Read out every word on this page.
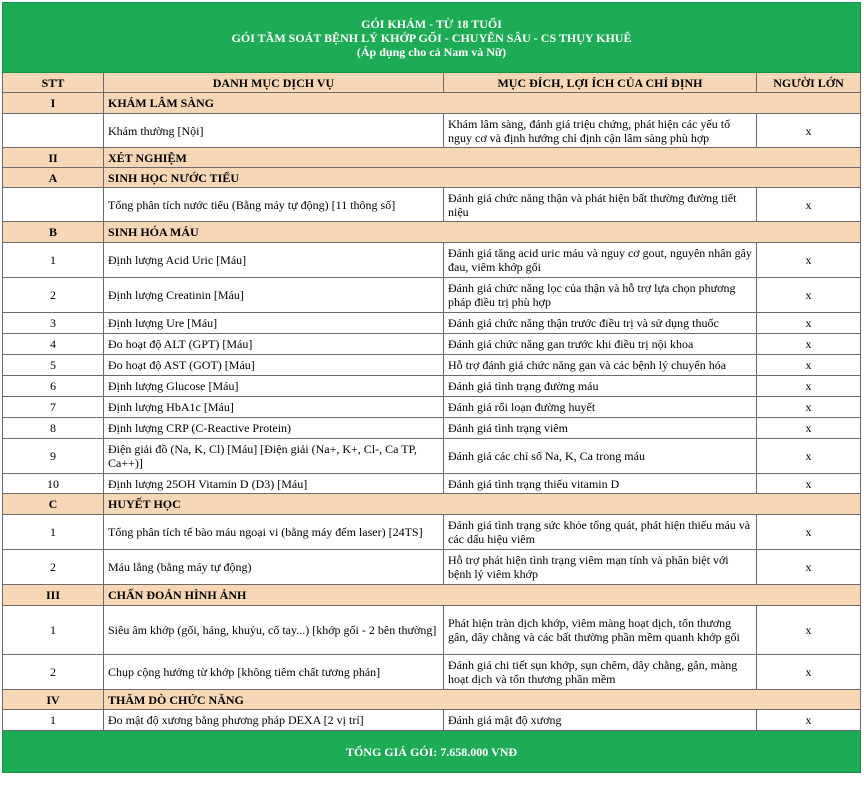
GÓI KHÁM - TỪ 18 TUỔI
GÓI TẦM SOÁT BỆNH LÝ KHỚP GỐI - CHUYÊN SÂU - CS THỤY KHUÊ
(Áp dụng cho cả Nam và Nữ)			

STT	DANH MỤC DỊCH VỤ	MỤC ĐÍCH, LỢI ÍCH CỦA CHỈ ĐỊNH	NGƯỜI LỚN
I	KHÁM LÂM SÀNG		
	Khám thường [Nội]	Khám lâm sàng, đánh giá triệu chứng, phát hiện các yếu tố nguy cơ và định hướng chỉ định cận lâm sàng phù hợp	x
II	XÉT NGHIỆM		
A	SINH HỌC NƯỚC TIỂU		
	Tổng phân tích nước tiểu (Bằng máy tự động) [11 thông số]	Đánh giá chức năng thận và phát hiện bất thường đường tiết niệu	x
B	SINH HÓA MÁU		
1	Định lượng Acid Uric [Máu]	Đánh giá tăng acid uric máu và nguy cơ gout, nguyên nhân gây đau, viêm khớp gối	x
2	Định lượng Creatinin [Máu]	Đánh giá chức năng lọc của thận và hỗ trợ lựa chọn phương pháp điều trị phù hợp	x
3	Định lượng Ure [Máu]	Đánh giá chức năng thận trước điều trị và sử dụng thuốc	x
4	Đo hoạt độ ALT (GPT) [Máu]	Đánh giá chức năng gan trước khi điều trị nội khoa	x
5	Đo hoạt độ AST (GOT) [Máu]	Hỗ trợ đánh giá chức năng gan và các bệnh lý chuyển hóa	x
6	Định lượng Glucose [Máu]	Đánh giá tình trạng đường máu	x
7	Định lượng HbA1c [Máu]	Đánh giá rối loạn đường huyết	x
8	Định lượng CRP (C-Reactive Protein)	Đánh giá tình trạng viêm	x
9	Điện giải đồ (Na, K, Cl) [Máu] [Điện giải (Na+, K+, Cl-, Ca TP, Ca++)]	Đánh giá các chỉ số Na, K, Ca trong máu	x
10	Định lượng 25OH Vitamin D (D3) [Máu]	Đánh giá tình trạng thiếu vitamin D	x
C	HUYẾT HỌC		
1	Tổng phân tích tế bào máu ngoại vi (bằng máy đếm laser) [24TS]	Đánh giá tình trạng sức khỏe tổng quát, phát hiện thiếu máu và các dấu hiệu viêm	x
2	Máu lắng (bằng máy tự động)	Hỗ trợ phát hiện tình trạng viêm mạn tính và phân biệt với bệnh lý viêm khớp	x
III	CHẨN ĐOÁN HÌNH ẢNH		
1	Siêu âm khớp (gối, háng, khuỷu, cổ tay...) [khớp gối - 2 bên thường]	Phát hiện tràn dịch khớp, viêm màng hoạt dịch, tổn thương gân, dây chằng và các bất thường phần mềm quanh khớp gối	x
2	Chụp cộng hưởng từ khớp [không tiêm chất tương phản]	Đánh giá chi tiết sụn khớp, sụn chêm, dây chằng, gân, màng hoạt dịch và tổn thương phần mềm	x
IV	THĂM DÒ CHỨC NĂNG		
1	Đo mật độ xương bằng phương pháp DEXA [2 vị trí]	Đánh giá mật độ xương	x
TỔNG GIÁ GÓI: 7.658.000 VNĐ			
